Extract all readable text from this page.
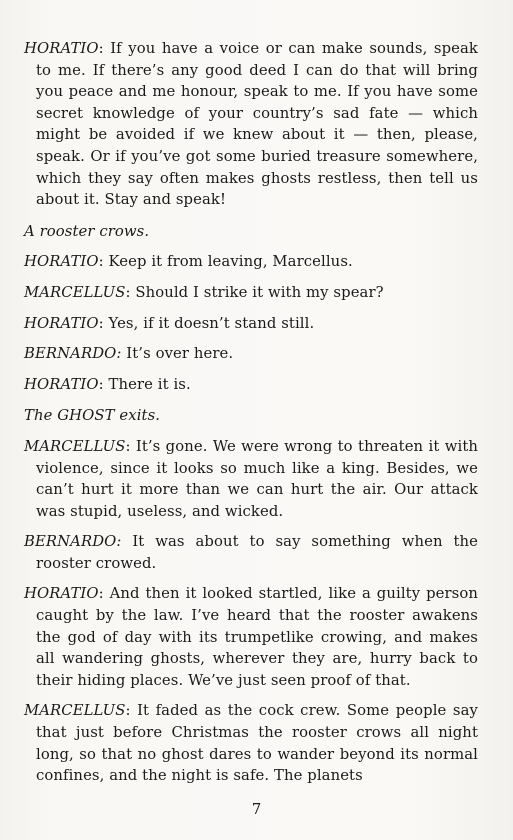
HORATIO: If you have a voice or can make sounds, speak to me. If there’s any good deed I can do that will bring you peace and me honour, speak to me. If you have some secret knowledge of your country’s sad fate — which might be avoided if we knew about it — then, please, speak. Or if you’ve got some buried treasure somewhere, which they say often makes ghosts restless, then tell us about it. Stay and speak!

A rooster crows.

HORATIO: Keep it from leaving, Marcellus.

MARCELLUS: Should I strike it with my spear?

HORATIO: Yes, if it doesn’t stand still.

BERNARDO: It’s over here.

HORATIO: There it is.

The GHOST exits.

MARCELLUS: It’s gone. We were wrong to threaten it with violence, since it looks so much like a king. Besides, we can’t hurt it more than we can hurt the air. Our attack was stupid, useless, and wicked.

BERNARDO: It was about to say something when the rooster crowed.

HORATIO: And then it looked startled, like a guilty person caught by the law. I’ve heard that the rooster awakens the god of day with its trumpetlike crowing, and makes all wandering ghosts, wherever they are, hurry back to their hiding places. We’ve just seen proof of that.

MARCELLUS: It faded as the cock crew. Some people say that just before Christmas the rooster crows all night long, so that no ghost dares to wander beyond its normal confines, and the night is safe. The planets

7
